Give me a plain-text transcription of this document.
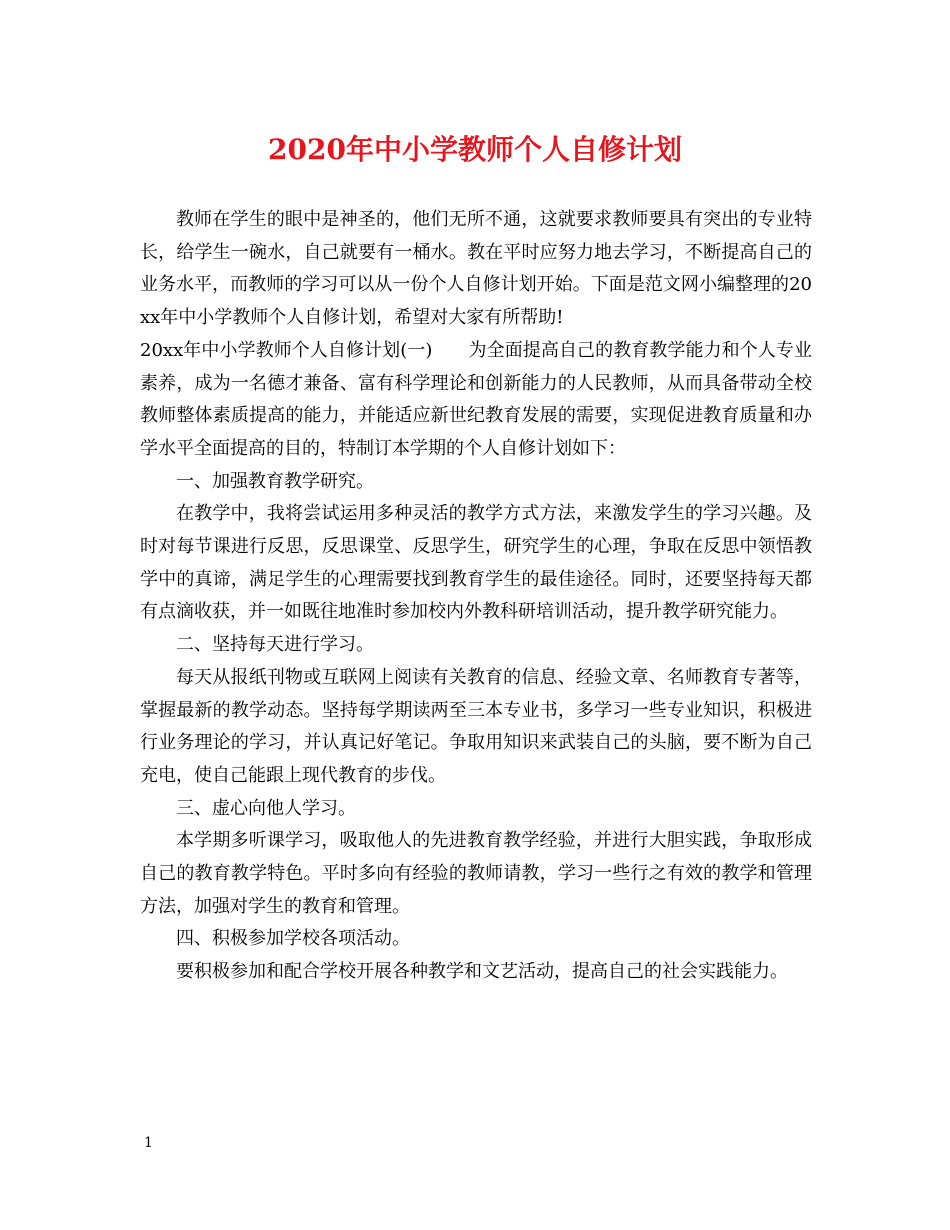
2020年中小学教师个人自修计划

教师在学生的眼中是神圣的，他们无所不通，这就要求教师要具有突出的专业特长，给学生一碗水，自己就要有一桶水。教在平时应努力地去学习，不断提高自己的业务水平，而教师的学习可以从一份个人自修计划开始。下面是范文网小编整理的20xx年中小学教师个人自修计划，希望对大家有所帮助!

20xx年中小学教师个人自修计划(一) 为全面提高自己的教育教学能力和个人专业素养，成为一名德才兼备、富有科学理论和创新能力的人民教师，从而具备带动全校教师整体素质提高的能力，并能适应新世纪教育发展的需要，实现促进教育质量和办学水平全面提高的目的，特制订本学期的个人自修计划如下：

一、加强教育教学研究。

在教学中，我将尝试运用多种灵活的教学方式方法，来激发学生的学习兴趣。及时对每节课进行反思，反思课堂、反思学生，研究学生的心理，争取在反思中领悟教学中的真谛，满足学生的心理需要找到教育学生的最佳途径。同时，还要坚持每天都有点滴收获，并一如既往地准时参加校内外教科研培训活动，提升教学研究能力。

二、坚持每天进行学习。

每天从报纸刊物或互联网上阅读有关教育的信息、经验文章、名师教育专著等，掌握最新的教学动态。坚持每学期读两至三本专业书，多学习一些专业知识，积极进行业务理论的学习，并认真记好笔记。争取用知识来武装自己的头脑，要不断为自己充电，使自己能跟上现代教育的步伐。

三、虚心向他人学习。

本学期多听课学习，吸取他人的先进教育教学经验，并进行大胆实践，争取形成自己的教育教学特色。平时多向有经验的教师请教，学习一些行之有效的教学和管理方法，加强对学生的教育和管理。

四、积极参加学校各项活动。

要积极参加和配合学校开展各种教学和文艺活动，提高自己的社会实践能力。

1
